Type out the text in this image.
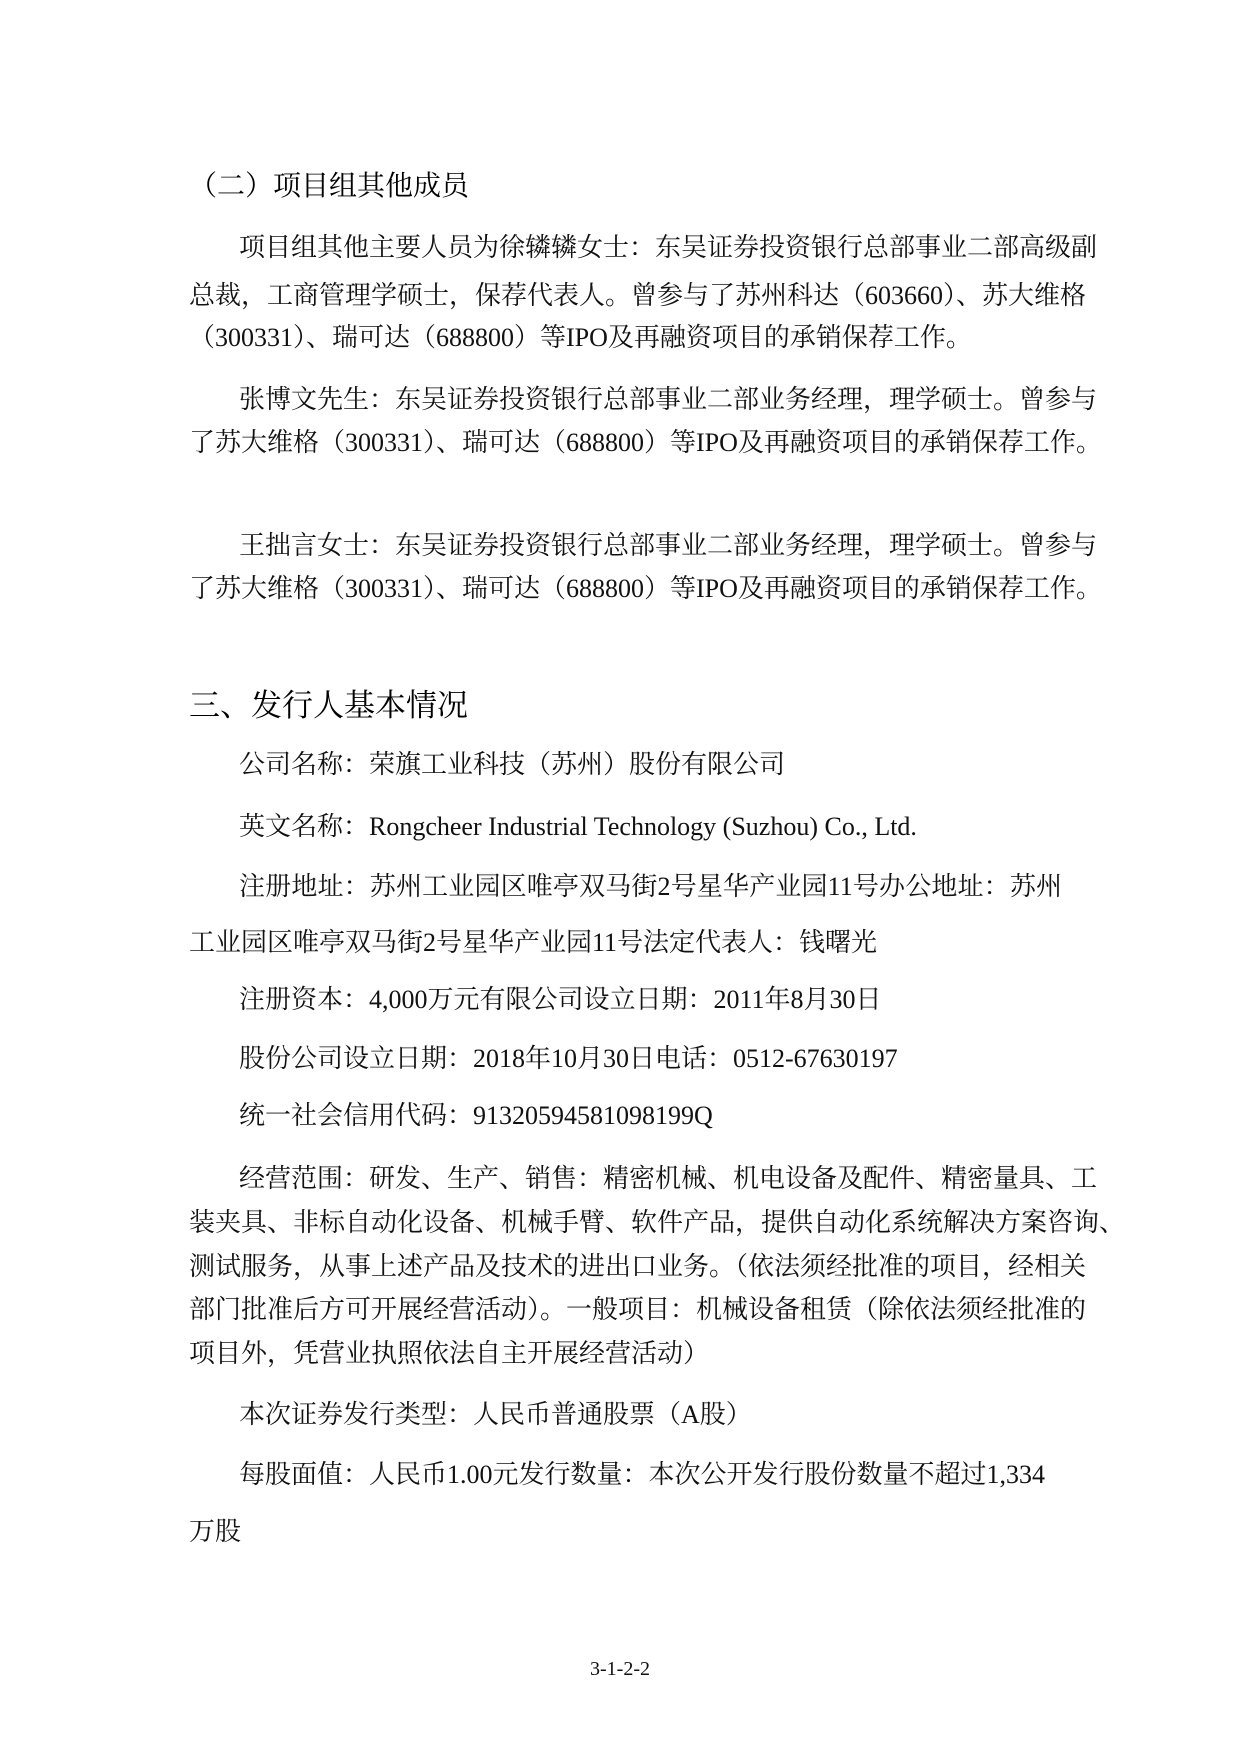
（二）项目组其他成员
项目组其他主要人员为徐辚辚女士：东吴证券投资银行总部事业二部高级副
总裁，工商管理学硕士，保荐代表人。曾参与了苏州科达（603660）、苏大维格
（300331）、瑞可达（688800）等IPO及再融资项目的承销保荐工作。
张博文先生：东吴证券投资银行总部事业二部业务经理，理学硕士。曾参与
了苏大维格（300331）、瑞可达（688800）等IPO及再融资项目的承销保荐工作。
王拙言女士：东吴证券投资银行总部事业二部业务经理，理学硕士。曾参与
了苏大维格（300331）、瑞可达（688800）等IPO及再融资项目的承销保荐工作。
三、发行人基本情况
公司名称：荣旗工业科技（苏州）股份有限公司
英文名称：Rongcheer Industrial Technology (Suzhou) Co., Ltd.
注册地址：苏州工业园区唯亭双马街2号星华产业园11号办公地址：苏州
工业园区唯亭双马街2号星华产业园11号法定代表人：钱曙光
注册资本：4,000万元有限公司设立日期：2011年8月30日
股份公司设立日期：2018年10月30日电话：0512-67630197
统一社会信用代码：91320594581098199Q
经营范围：研发、生产、销售：精密机械、机电设备及配件、精密量具、工
装夹具、非标自动化设备、机械手臂、软件产品，提供自动化系统解决方案咨询、
测试服务，从事上述产品及技术的进出口业务。（依法须经批准的项目，经相关
部门批准后方可开展经营活动）。一般项目：机械设备租赁（除依法须经批准的
项目外，凭营业执照依法自主开展经营活动）
本次证券发行类型：人民币普通股票（A股）
每股面值：人民币1.00元发行数量：本次公开发行股份数量不超过1,334
万股
3-1-2-2
